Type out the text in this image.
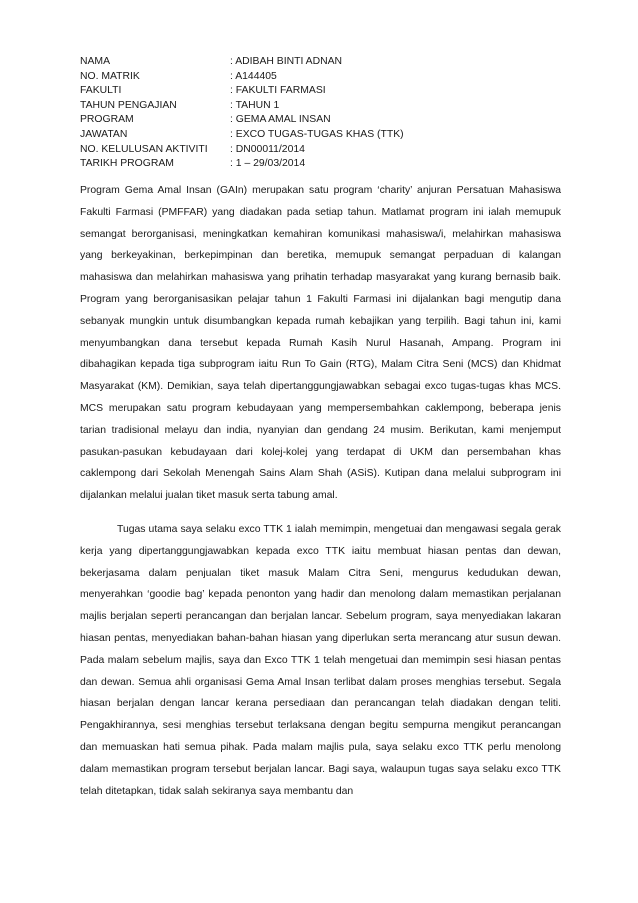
NAMA	: ADIBAH BINTI ADNAN
NO. MATRIK	: A144405
FAKULTI	: FAKULTI FARMASI
TAHUN PENGAJIAN	: TAHUN 1
PROGRAM	: GEMA AMAL INSAN
JAWATAN	: EXCO TUGAS-TUGAS KHAS (TTK)
NO. KELULUSAN AKTIVITI	: DN00011/2014
TARIKH PROGRAM	: 1 – 29/03/2014

Program Gema Amal Insan (GAIn) merupakan satu program ‘charity’ anjuran Persatuan Mahasiswa Fakulti Farmasi (PMFFAR) yang diadakan pada setiap tahun. Matlamat program ini ialah memupuk semangat berorganisasi, meningkatkan kemahiran komunikasi mahasiswa/i, melahirkan mahasiswa yang berkeyakinan, berkepimpinan dan beretika, memupuk semangat perpaduan di kalangan mahasiswa dan melahirkan mahasiswa yang prihatin terhadap masyarakat yang kurang bernasib baik. Program yang berorganisasikan pelajar tahun 1 Fakulti Farmasi ini dijalankan bagi mengutip dana sebanyak mungkin untuk disumbangkan kepada rumah kebajikan yang terpilih. Bagi tahun ini, kami menyumbangkan dana tersebut kepada Rumah Kasih Nurul Hasanah, Ampang. Program ini dibahagikan kepada tiga subprogram iaitu Run To Gain (RTG), Malam Citra Seni (MCS) dan Khidmat Masyarakat (KM). Demikian, saya telah dipertanggungjawabkan sebagai exco tugas-tugas khas MCS. MCS merupakan satu program kebudayaan yang mempersembahkan caklempong, beberapa jenis tarian tradisional melayu dan india, nyanyian dan gendang 24 musim. Berikutan, kami menjemput pasukan-pasukan kebudayaan dari kolej-kolej yang terdapat di UKM dan persembahan khas caklempong dari Sekolah Menengah Sains Alam Shah (ASiS). Kutipan dana melalui subprogram ini dijalankan melalui jualan tiket masuk serta tabung amal.

Tugas utama saya selaku exco TTK 1 ialah memimpin, mengetuai dan mengawasi segala gerak kerja yang dipertanggungjawabkan kepada exco TTK iaitu membuat hiasan pentas dan dewan, bekerjasama dalam penjualan tiket masuk Malam Citra Seni, mengurus kedudukan dewan, menyerahkan ‘goodie bag’ kepada penonton yang hadir dan menolong dalam memastikan perjalanan majlis berjalan seperti perancangan dan berjalan lancar. Sebelum program, saya menyediakan lakaran hiasan pentas, menyediakan bahan-bahan hiasan yang diperlukan serta merancang atur susun dewan. Pada malam sebelum majlis, saya dan Exco TTK 1 telah mengetuai dan memimpin sesi hiasan pentas dan dewan. Semua ahli organisasi Gema Amal Insan terlibat dalam proses menghias tersebut. Segala hiasan berjalan dengan lancar kerana persediaan dan perancangan telah diadakan dengan teliti. Pengakhirannya, sesi menghias tersebut terlaksana dengan begitu sempurna mengikut perancangan dan memuaskan hati semua pihak. Pada malam majlis pula, saya selaku exco TTK perlu menolong dalam memastikan program tersebut berjalan lancar. Bagi saya, walaupun tugas saya selaku exco TTK telah ditetapkan, tidak salah sekiranya saya membantu dan
